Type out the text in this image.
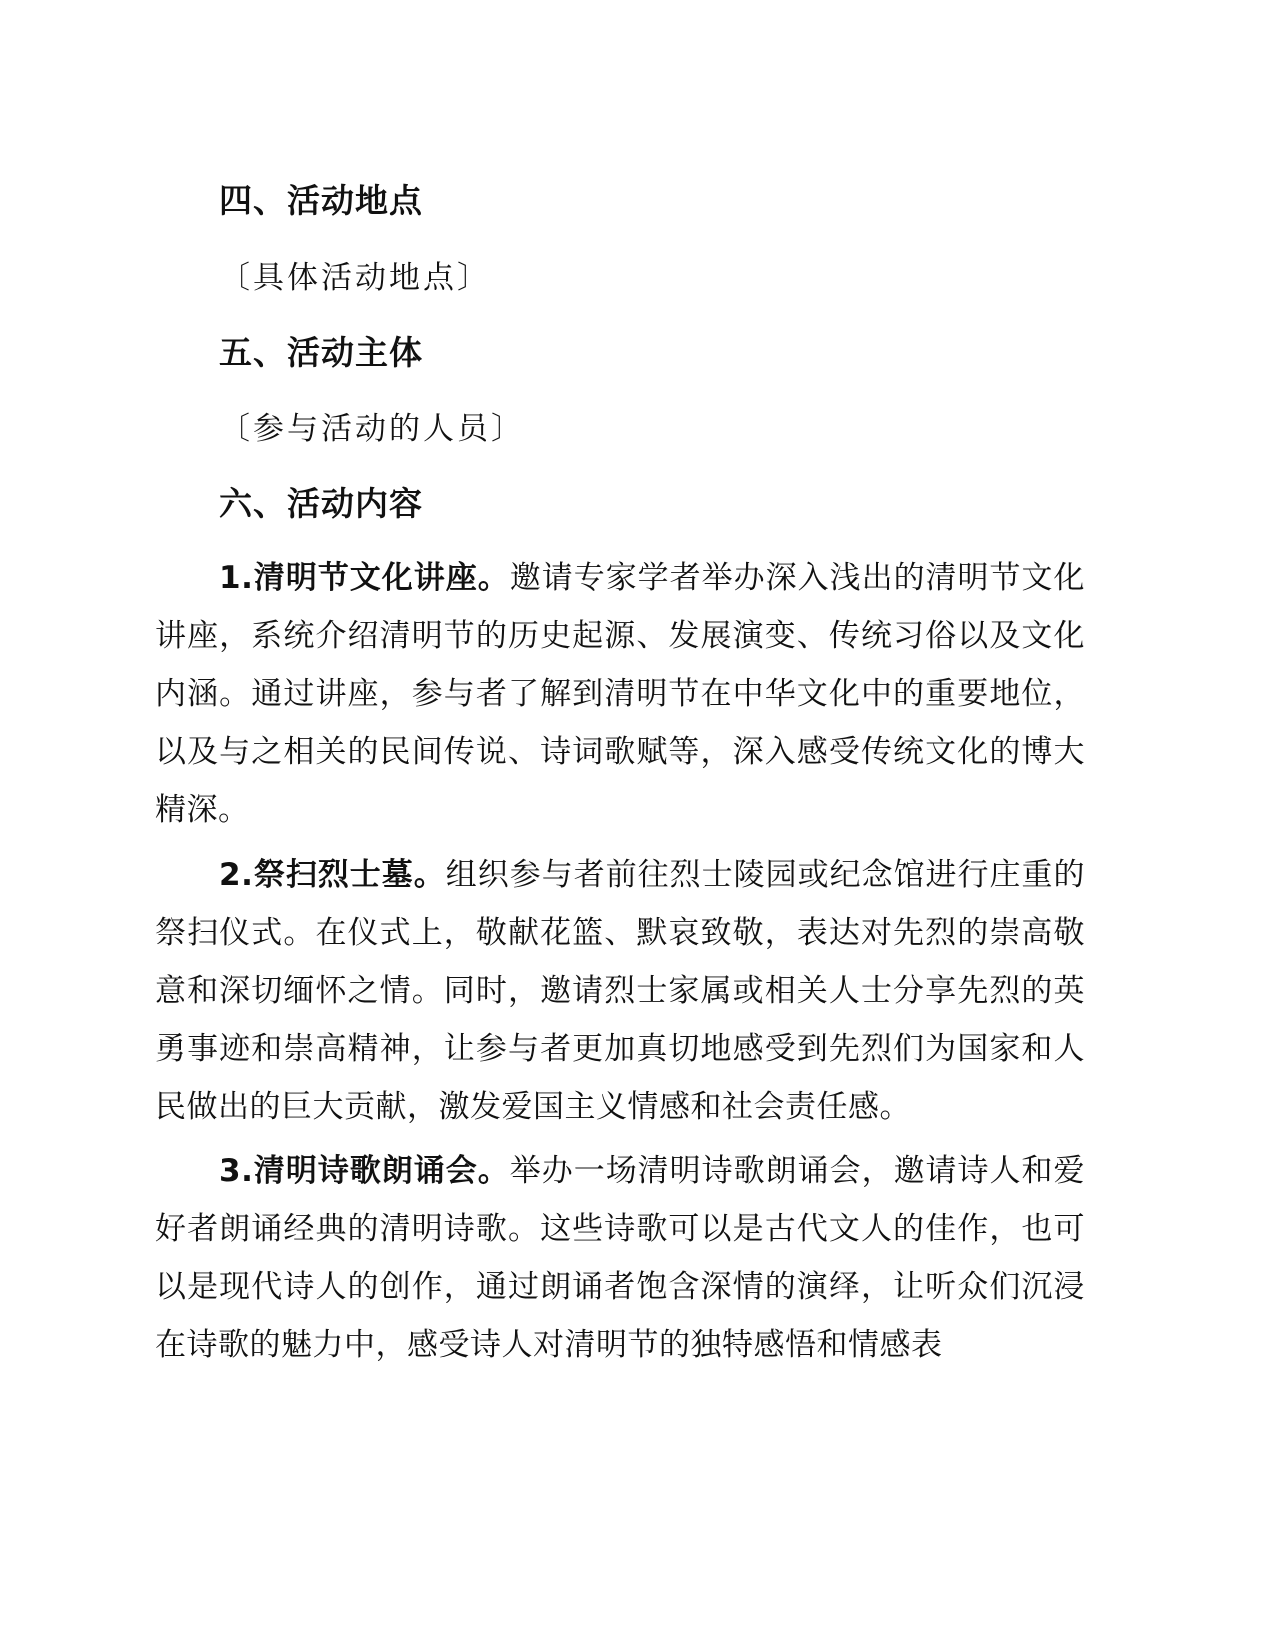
四、活动地点
〔具体活动地点〕
五、活动主体
〔参与活动的人员〕
六、活动内容

1.清明节文化讲座。邀请专家学者举办深入浅出的清明节文化讲座，系统介绍清明节的历史起源、发展演变、传统习俗以及文化内涵。通过讲座，参与者了解到清明节在中华文化中的重要地位，以及与之相关的民间传说、诗词歌赋等，深入感受传统文化的博大精深。

2.祭扫烈士墓。组织参与者前往烈士陵园或纪念馆进行庄重的祭扫仪式。在仪式上，敬献花篮、默哀致敬，表达对先烈的崇高敬意和深切缅怀之情。同时，邀请烈士家属或相关人士分享先烈的英勇事迹和崇高精神，让参与者更加真切地感受到先烈们为国家和人民做出的巨大贡献，激发爱国主义情感和社会责任感。

3.清明诗歌朗诵会。举办一场清明诗歌朗诵会，邀请诗人和爱好者朗诵经典的清明诗歌。这些诗歌可以是古代文人的佳作，也可以是现代诗人的创作，通过朗诵者饱含深情的演绎，让听众们沉浸在诗歌的魅力中，感受诗人对清明节的独特感悟和情感表
